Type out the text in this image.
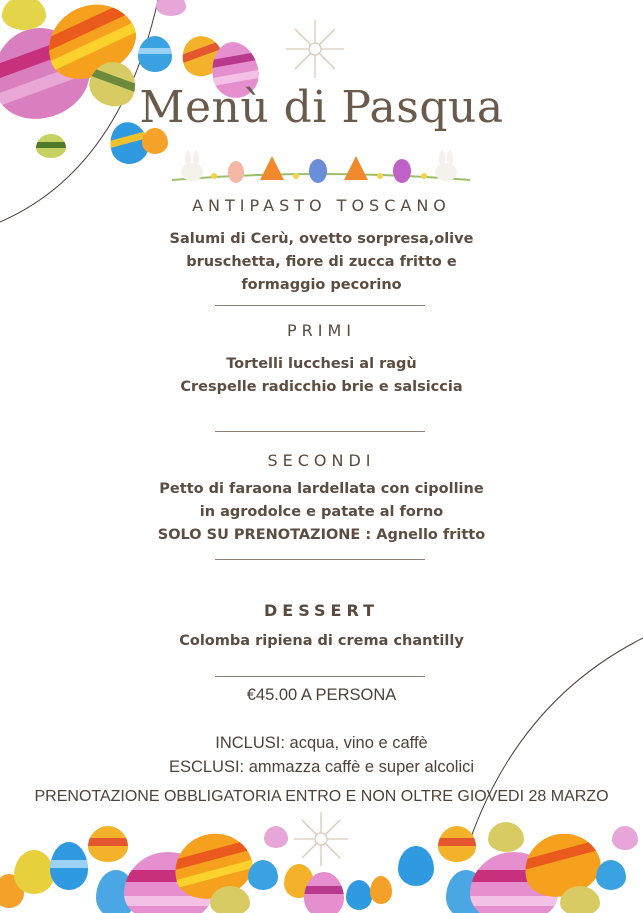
Menù di Pasqua
ANTIPASTO TOSCANO
Salumi di Cerù, ovetto sorpresa,olive
bruschetta, fiore di zucca fritto e
formaggio pecorino
PRIMI
Tortelli lucchesi al ragù
Crespelle radicchio brie e salsiccia
SECONDI
Petto di faraona lardellata con cipolline
in agrodolce e patate al forno
SOLO SU PRENOTAZIONE : Agnello fritto
DESSERT
Colomba ripiena di crema chantilly
€45.00 A PERSONA
INCLUSI: acqua, vino e caffè
ESCLUSI: ammazza caffè e super alcolici
PRENOTAZIONE OBBLIGATORIA ENTRO E NON OLTRE GIOVEDI 28 MARZO
